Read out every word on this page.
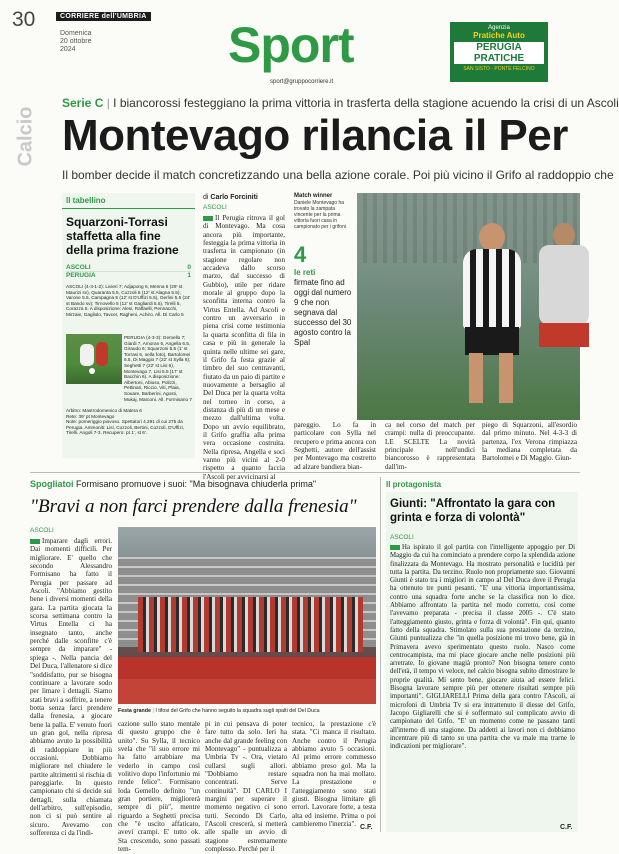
30	CORRIERE dell'UMBRIA
Domenica
20 ottobre
2024	Sport
sport@gruppocorriere.it
Agenzia
Pratiche Auto
PERUGIA
PRATICHE
SAN SISTO - PONTE FELCINO
Calcio
Serie C | I biancorossi festeggiano la prima vittoria in trasferta della stagione acuendo la crisi di un Ascoli
Montevago rilancia il Per
Il bomber decide il match concretizzando una bella azione corale. Poi più vicino il Grifo al raddoppio che
Il tabellino
Squarzoni-Torrasi staffetta alla fine della prima frazione
ASCOLI	0
PERUGIA	1
ASCOLI (4-3-1-2): Livieri 7; Adjapong 6, Menna 6 (29' st Maurizi sv), Quaranta 5.5, Cozzoli 6 (12' st Alagna 5.5); Varone 5.5, Campagna 5 (12' st D'Uffizi 5.5), Gerlini 5.5 (24' st Bando sv); Tirnovello 5 (12' st Gagliardi 5.5), Tirelli 5, Corazza 5. A disposizione: Alesi, Raffaelli, Pennacchi, Mirzaie, Gagliolo, Tavcer, Ragheni, Achiro. All. Di Carlo 5
PERUGIA (4-3-3): Gemello 7; Giardi 7, Amoran 6, Angella 6.5, Giraudo 6; Squarzoni 5.5 (1' st Torrasi 6, nella foto), Bartolomei 6.5, Di Maggio 7 (22' st Sylla 6); Seghetti 7 (22' st Lisi 6), Montevago 7, Lisi 5.5 (17' st Bacchin 6). A disposizione: Albertoni, Abiuso, Polizzi, Pettinari, Riccio, Viti, Plaia, Souare, Barberini, Agosti, Mukaj, Marconi. All. Formisano 7
Arbitro: Mastrodomenico di Matera 6
Rete: 39' pt Montevago
Note: pomeriggio piovoso. Spettatori 4.291 di cui 275 da Perugia. Ammoniti: Lisi, Cozzoli, Bertini, Cozzoli, D'Uffizi, Tirelli. Angoli 7-3. Recupero: pt 1', st 6'.
di Carlo Forciniti
ASCOLI
Il Perugia ritrova il gol di Montevago. Ma cosa ancora più importante, festeggia la prima vittoria in trasferta in campionato (in stagione regolare non accadeva dallo scorso marzo, dal successo di Gubbio), utile per ridare morale al gruppo dopo la sconfitta interna contro la Virtus Entella. Ad Ascoli e contro un avversario in piena crisi come testimonia la quarta sconfitta di fila in casa e più in generale la quinta nelle ultime sei gare, il Grifo fa festa grazie al timbro del suo centravanti, fiutato da un paio di partite e nuovamente a bersaglio al Del Duca per la quarta volta nel torneo in corso, a distanza di più di un mese e mezzo dall'ultima volta. Dopo un avvio equilibrato, il Grifo graffia alla prima vera occasione costruita. Nella ripresa, Angella e soci vanno più vicini al 2-0 rispetto a quanto faccia l'Ascoli per avvicinarsi al
Match winner
Daniele Montevago ha trovato la zampata vincente per la prima vittoria fuori casa in campionato per i grifoni
4
le reti
firmate fino ad oggi dal numero 9 che non segnava dal successo del 30 agosto contro la Spal
pareggio. Lo fa in particolare con Sylla nel recupero e prima ancora con Seghetti, autore dell'assist per Montevago ma costretto ad alzare bandiera bian-
ca nel corso del match per crampi: nulla di preoccupante. LE SCELTE La novità principale nell'undici biancorosso è rappresentata dall'im-
piego di Squarzoni, all'esordio dal primo minuto. Nel 4-3-3 di partenza, l'ex Verona rimpiazza la mediana completata da Bartolomei e Di Maggio. Giun-
Spogliatoi Formisano promuove i suoi: "Ma bisognava chiuderla prima"
"Bravi a non farci prendere dalla frenesia"
ASCOLI
Imparare dagli errori. Dai momenti difficili. Per migliorare. E' quello che secondo Alessandro Formisano ha fatto il Perugia per passare ad Ascoli. "Abbiamo gestito bene i diversi momenti della gara. La partita giocata la scorsa settimana contro la Virtus Entella ci ha insegnato tanto, anche perché dalle sconfitte c'è sempre da imparare" - spiega -. Nella pancia del Del Duca, l'allenatore si dice "soddisfatto, pur se bisogna continuare a lavorare sodo per limare i dettagli. Siamo stati bravi a soffrire, a tenere botta senza farci prendere dalla frenesia, a giocare bene la palla. E' venuto fuori un gran gol, nella ripresa abbiamo avuto la possibilità di raddoppiare in più occasioni. Dobbiamo migliorare nel chiudere le partite altrimenti si rischia di pareggiarle. In questo campionato chi si decide sui dettagli, sulla chiamata dell'arbitro, sull'episodio, non ci si può sentire al sicuro. Avevamo con sofferenza ci da l'indi-
Festa grande | I tifosi del Grifo che hanno seguito la squadra sugli spalti del Del Duca
cazione sullo stato mentale di questo gruppo che è unito". Su Sylla, il tecnico svela che "il suo errore mi ha fatto arrabbiare ma vederlo in campo così volitivo dopo l'infortunio mi rende felice". Formisano loda Gemello definito "un gran portiere, migliorerà sempre di più", mentre riguardo a Seghetti precisa che "è uscito affaticato, avevi crampi. E' tutto ok. Sta crescendo, sono passati tem-
pi in cui pensava di poter fare tutto da solo. Ieri ha anche dal grande feeling con Montevago" - puntualizza a Umbria Tv -. Ora, vietato cullarsi sugli allori. "Dobbiamo restare concentrati. Serve continuità". DI CARLO I margini per superare il momento negativo ci sono tutti. Secondo Di Carlo, l'Ascoli crescerà, si metterà alle spalle un avvio di stagione estremamente complesso. Perché per il
tecnico, la prestazione c'è stata. "Ci manca il risultato. Anche contro il Perugia abbiamo avuto 5 occasioni. Al primo errore commesso abbiamo preso gol. Ma la squadra non ha mai mollato. La prestazione e l'atteggiamento sono stati giusti. Bisogna limitare gli errori. Lavorare forte, a testa alta ed insieme. Prima o poi cambieremo l'inerzia". C.F.
Il protagonista
Giunti: "Affrontato la gara con grinta e forza di volontà"
ASCOLI
Ha ispirato il gol partita con l'intelligente appoggio per Di Maggio da cui ha cominciato a prendere corpo la splendida azione finalizzata da Montevago. Ha mostrato personalità e lucidità per tutta la partita. Da terzino. Ruolo non propriamente suo. Giovanni Giunti è stato tra i migliori in campo al Del Duca dove il Perugia ha ottenuto tre punti pesanti. "E' una vittoria importantissima, contro una squadra forte anche se la classifica non lo dice. Abbiamo affrontato la partita nel modo corretto, così come l'avevamo preparata - precisa il classe 2005 -. C'è stato l'atteggiamento giusto, grinta e forza di volontà". Fin qui, quanto fatto della squadra. Stimolato sulla sua prestazione da terzino, Giunti puntualizza che "in quella posizione mi trovo bene, già in Primavera avevo sperimentato questo ruolo. Nasco come centrocampista, ma mi piace giocare anche nelle posizioni più arretrate. Io giovane magià pronto? Non bisogna tenere conto dell'età, il tempo vi veloce, nel calcio bisogna subito dimostrare le proprie qualità. Mi sento bene, giocare aiuta ad essere felici. Bisogna lavorare sempre più per ottenere risultati sempre più importanti". GIGLIARELLI Prima della gara contro l'Ascoli, ai microfoni di Umbria Tv si era intrattenuto il diesse del Grifo, Jacopo Gigliarelli che si è soffermato sul complicato avvio di campionato del Grifo. "E' un momento come ne passano tanti all'interno di una stagione. Da addetti ai lavori non ci dobbiamo incentrare più di tanto su una partita che va male ma trarne le indicazioni per migliorare".
C.F.
